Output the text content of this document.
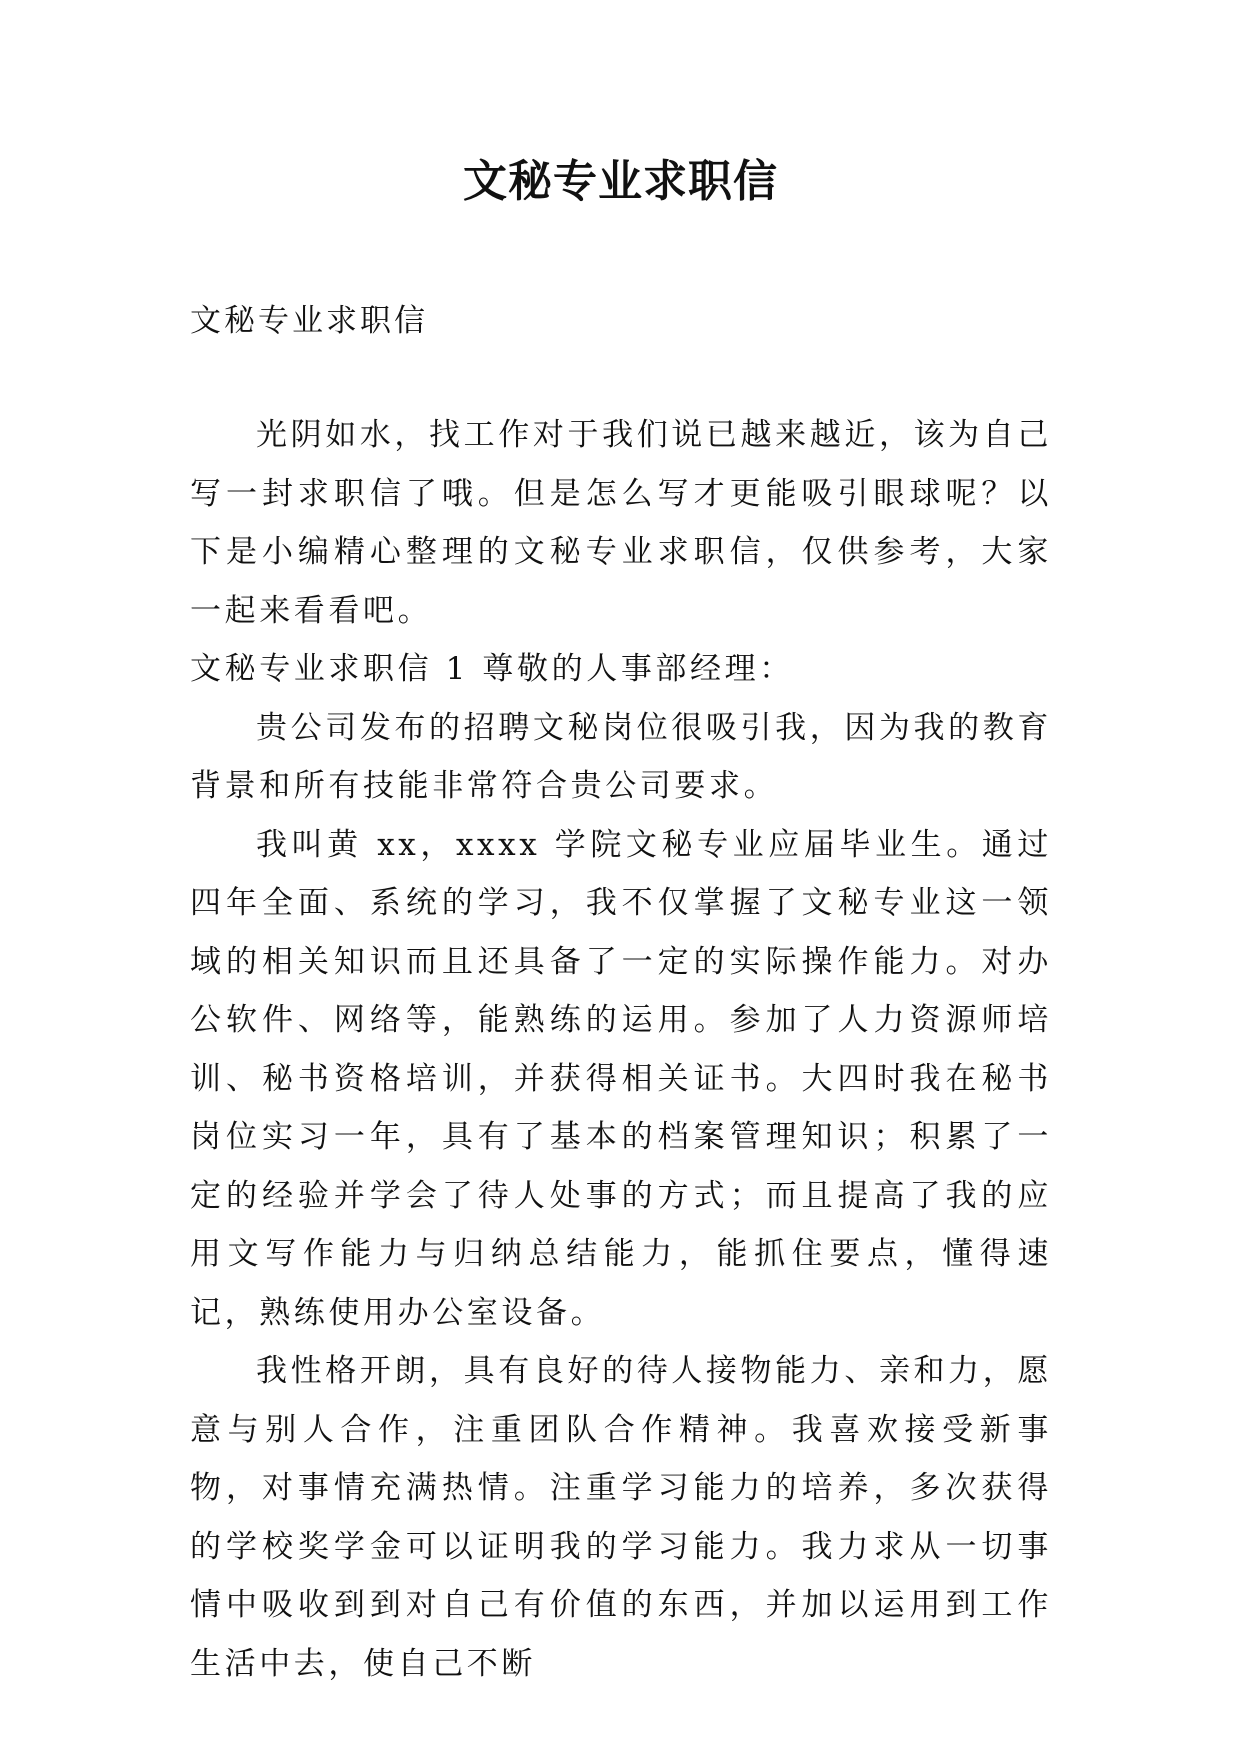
文秘专业求职信
文秘专业求职信

光阴如水，找工作对于我们说已越来越近，该为自己写一封求职信了哦。但是怎么写才更能吸引眼球呢？以下是小编精心整理的文秘专业求职信，仅供参考，大家一起来看看吧。

文秘专业求职信 1 尊敬的人事部经理：

贵公司发布的招聘文秘岗位很吸引我，因为我的教育背景和所有技能非常符合贵公司要求。

我叫黄 xx，xxxx 学院文秘专业应届毕业生。通过四年全面、系统的学习，我不仅掌握了文秘专业这一领域的相关知识而且还具备了一定的实际操作能力。对办公软件、网络等，能熟练的运用。参加了人力资源师培训、秘书资格培训，并获得相关证书。大四时我在秘书岗位实习一年，具有了基本的档案管理知识；积累了一定的经验并学会了待人处事的方式；而且提高了我的应用文写作能力与归纳总结能力，能抓住要点，懂得速记，熟练使用办公室设备。

我性格开朗，具有良好的待人接物能力、亲和力，愿意与别人合作，注重团队合作精神。我喜欢接受新事物，对事情充满热情。注重学习能力的培养，多次获得的学校奖学金可以证明我的学习能力。我力求从一切事情中吸收到到对自己有价值的东西，并加以运用到工作生活中去，使自己不断
